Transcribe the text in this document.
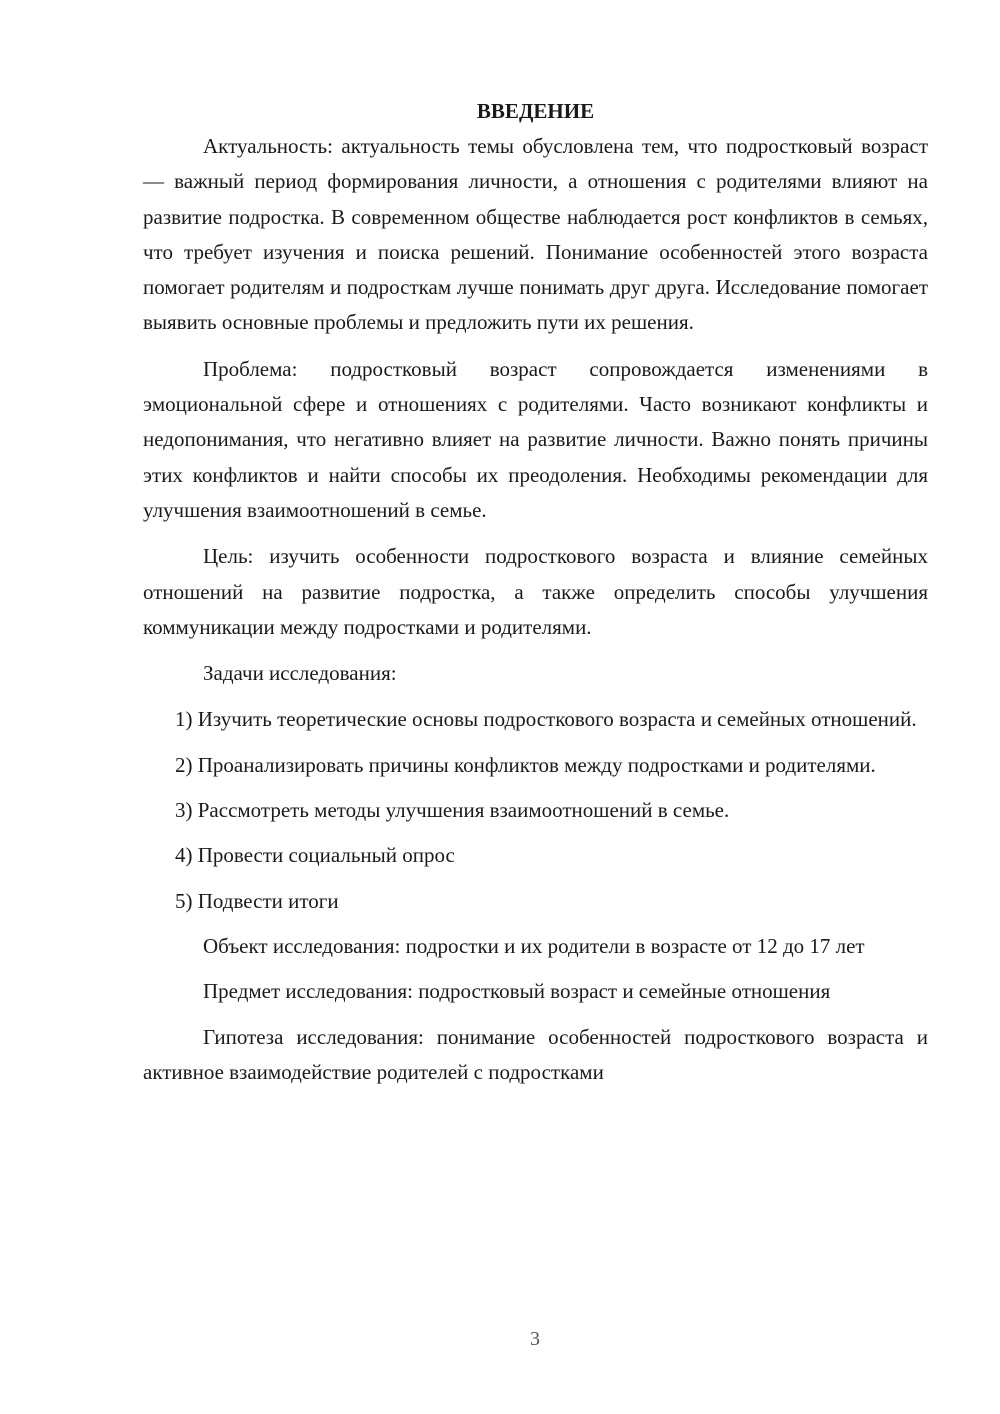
ВВЕДЕНИЕ

Актуальность: актуальность темы обусловлена тем, что подростковый возраст — важный период формирования личности, а отношения с родителями влияют на развитие подростка. В современном обществе наблюдается рост конфликтов в семьях, что требует изучения и поиска решений. Понимание особенностей этого возраста помогает родителям и подросткам лучше понимать друг друга. Исследование помогает выявить основные проблемы и предложить пути их решения.

Проблема: подростковый возраст сопровождается изменениями в эмоциональной сфере и отношениях с родителями. Часто возникают конфликты и недопонимания, что негативно влияет на развитие личности. Важно понять причины этих конфликтов и найти способы их преодоления. Необходимы рекомендации для улучшения взаимоотношений в семье.

Цель: изучить особенности подросткового возраста и влияние семейных отношений на развитие подростка, а также определить способы улучшения коммуникации между подростками и родителями.

Задачи исследования:

1) Изучить теоретические основы подросткового возраста и семейных отношений.

2) Проанализировать причины конфликтов между подростками и родителями.

3) Рассмотреть методы улучшения взаимоотношений в семье.

4) Провести социальный опрос

5) Подвести итоги

Объект исследования: подростки и их родители в возрасте от 12 до 17 лет

Предмет исследования: подростковый возраст и семейные отношения

Гипотеза исследования: понимание особенностей подросткового возраста и активное взаимодействие родителей с подростками

3
